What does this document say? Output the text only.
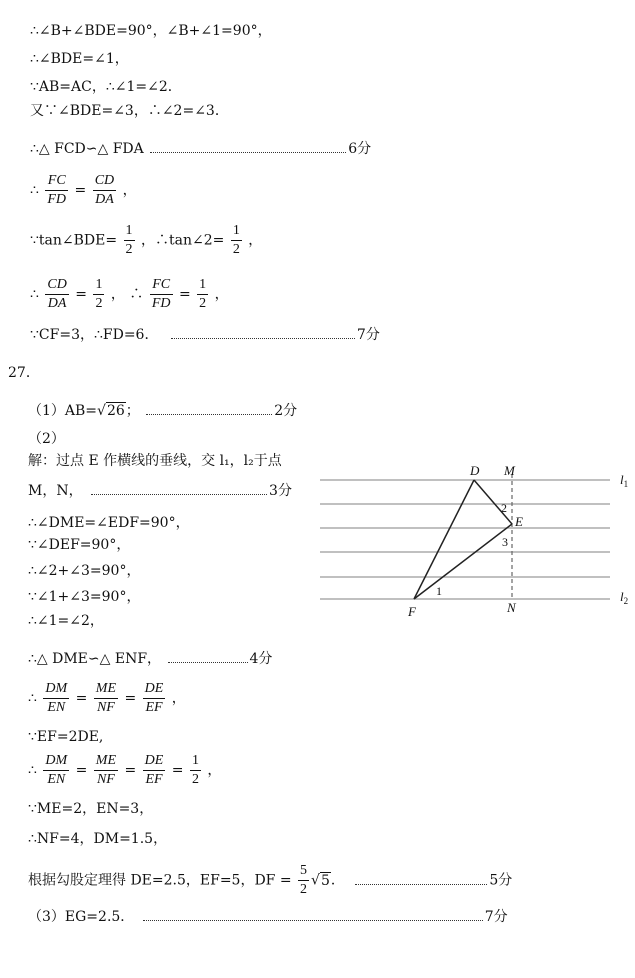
∴∠B+∠BDE=90°，∠B+∠1=90°，
∴∠BDE=∠1，
∵AB=AC，∴∠1=∠2．
又∵∠BDE=∠3，∴∠2=∠3．
∴△ FCD∽△ FDA	6分
∴ $\frac{FC}{FD} = \frac{CD}{DA}$ ，
∵tan∠BDE= $\frac{1}{2}$ ，∴tan∠2= $\frac{1}{2}$ ，
∴ $\frac{CD}{DA} = \frac{1}{2}$ ， ∴ $\frac{FC}{FD} = \frac{1}{2}$ ，
∵CF=3，∴FD=6．	7分
27．
（1）AB=√26；	2分
（2）
解：过点 E 作横线的垂线，交 l₁，l₂于点
M，N，	3分
∴∠DME=∠EDF=90°，
∵∠DEF=90°，
∴∠2+∠3=90°，
∵∠1+∠3=90°，
∴∠1=∠2，
∴△ DME∽△ ENF，	4分
∴ $\frac{DM}{EN} = \frac{ME}{NF} = \frac{DE}{EF}$ ，
∵EF=2DE,
∴ $\frac{DM}{EN} = \frac{ME}{NF} = \frac{DE}{EF} = \frac{1}{2}$ ，
∵ME=2，EN=3，
∴NF=4，DM=1.5，
根据勾股定理得 DE=2.5，EF=5，DF = $\frac{5}{2} √5$．	5分
（3）EG=2.5．	7分
D M
E
F	N
$l_1$
$l_2$
2
3
1
